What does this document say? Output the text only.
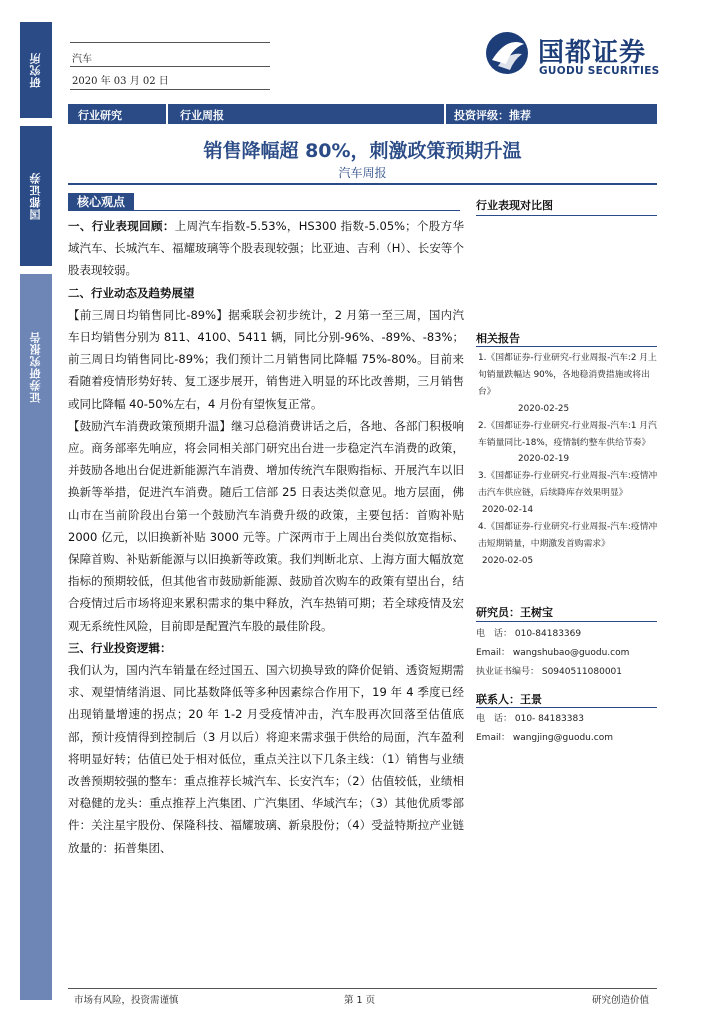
研究所
国都证券
证券研究报告
汽车
2020 年 03 月 02 日
国都证券
GUODU SECURITIES
行业研究	行业周报	投资评级：推荐
销售降幅超 80%，刺激政策预期升温
汽车周报
核心观点

一、行业表现回顾：上周汽车指数-5.53%，HS300 指数-5.05%；个股方华域汽车、长城汽车、福耀玻璃等个股表现较强；比亚迪、吉利（H）、长安等个股表现较弱。

二、行业动态及趋势展望

【前三周日均销售同比-89%】据乘联会初步统计，2 月第一至三周，国内汽车日均销售分别为 811、4100、5411 辆，同比分别-96%、-89%、-83%；前三周日均销售同比-89%；我们预计二月销售同比降幅 75%-80%。目前来看随着疫情形势好转、复工逐步展开，销售进入明显的环比改善期，三月销售或同比降幅 40-50%左右，4 月份有望恢复正常。

【鼓励汽车消费政策预期升温】继习总稳消费讲话之后，各地、各部门积极响应。商务部率先响应，将会同相关部门研究出台进一步稳定汽车消费的政策，并鼓励各地出台促进新能源汽车消费、增加传统汽车限购指标、开展汽车以旧换新等举措，促进汽车消费。随后工信部 25 日表达类似意见。地方层面，佛山市在当前阶段出台第一个鼓励汽车消费升级的政策，主要包括：首购补贴 2000 亿元，以旧换新补贴 3000 元等。广深两市于上周出台类似放宽指标、保障首购、补贴新能源与以旧换新等政策。我们判断北京、上海方面大幅放宽指标的预期较低，但其他省市鼓励新能源、鼓励首次购车的政策有望出台，结合疫情过后市场将迎来累积需求的集中释放，汽车热销可期；若全球疫情及宏观无系统性风险，目前即是配置汽车股的最佳阶段。

三、行业投资逻辑：

我们认为，国内汽车销量在经过国五、国六切换导致的降价促销、透资短期需求、观望情绪消退、同比基数降低等多种因素综合作用下，19 年 4 季度已经出现销量增速的拐点；20 年 1-2 月受疫情冲击，汽车股再次回落至估值底部，预计疫情得到控制后（3 月以后）将迎来需求强于供给的局面，汽车盈利将明显好转；估值已处于相对低位，重点关注以下几条主线：（1）销售与业绩改善预期较强的整车：重点推荐长城汽车、长安汽车；（2）估值较低，业绩相对稳健的龙头：重点推荐上汽集团、广汽集团、华域汽车；（3）其他优质零部件：关注星宇股份、保隆科技、福耀玻璃、新泉股份；（4）受益特斯拉产业链放量的：拓普集团、

行业表现对比图
相关报告

1.《国都证券-行业研究-行业周报-汽车:2 月上旬销量跌幅达 90%，各地稳消费措施或将出台》

2020-02-25

2.《国都证券-行业研究-行业周报-汽车:1 月汽车销量同比-18%，疫情制约整车供给节奏》

2020-02-19

3.《国都证券-行业研究-行业周报-汽车:疫情冲击汽车供应链，后续降库存效果明显》

2020-02-14

4.《国都证券-行业研究-行业周报-汽车:疫情冲击短期销量，中期激发首购需求》

2020-02-05

研究员：王树宝
电　话： 010-84183369
Email： wangshubao@guodu.com
执业证书编号： S0940511080001
联系人：王景
电　话： 010- 84183383
Email： wangjing@guodu.com
市场有风险，投资需谨慎	第 1 页	研究创造价值
